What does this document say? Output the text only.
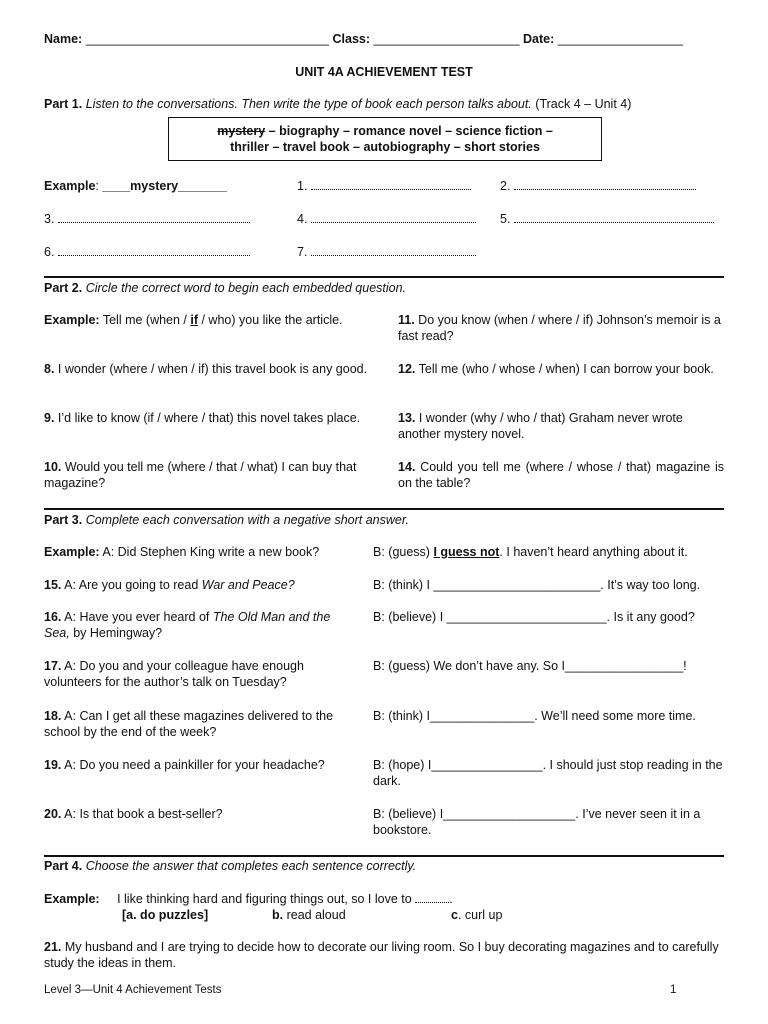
Name: ___________________________________ Class: _____________________ Date: __________________
UNIT 4A ACHIEVEMENT TEST
Part 1. Listen to the conversations. Then write the type of book each person talks about. (Track 4 – Unit 4)
mystery – biography – romance novel – science fiction –
thriller – travel book – autobiography – short stories
Example: ____mystery_______	1.	2.
3.	4.	5.
6.	7.
Part 2. Circle the correct word to begin each embedded question.
Example: Tell me (when / if / who) you like the article.
8. I wonder (where / when / if) this travel book is any good.
9. I’d like to know (if / where / that) this novel takes place.
10. Would you tell me (where / that / what) I can buy that magazine?
11. Do you know (when / where / if) Johnson’s memoir is a fast read?
12. Tell me (who / whose / when) I can borrow your book.
13. I wonder (why / who / that) Graham never wrote another mystery novel.
14. Could you tell me (where / whose / that) magazine is on the table?
Part 3. Complete each conversation with a negative short answer.
Example: A: Did Stephen King write a new book?	B: (guess) I guess not. I haven’t heard anything about it.
15. A: Are you going to read War and Peace?	B: (think) I ________________________. It’s way too long.
16. A: Have you ever heard of The Old Man and the Sea, by Hemingway?
B: (believe) I _______________________. Is it any good?
17. A: Do you and your colleague have enough volunteers for the author’s talk on Tuesday?
B: (guess) We don’t have any. So I_________________!
18. A: Can I get all these magazines delivered to the school by the end of the week?
B: (think) I_______________. We’ll need some more time.
19. A: Do you need a painkiller for your headache?	B: (hope) I________________. I should just stop reading in the dark.
20. A: Is that book a best-seller?	B: (believe) I___________________. I’ve never seen it in a bookstore.
Part 4. Choose the answer that completes each sentence correctly.
Example: I like thinking hard and figuring things out, so I love to	.
[a. do puzzles]	b. read aloud	c. curl up
21. My husband and I are trying to decide how to decorate our living room. So I buy decorating magazines and to carefully study the ideas in them.
Level 3—Unit 4 Achievement Tests	1
